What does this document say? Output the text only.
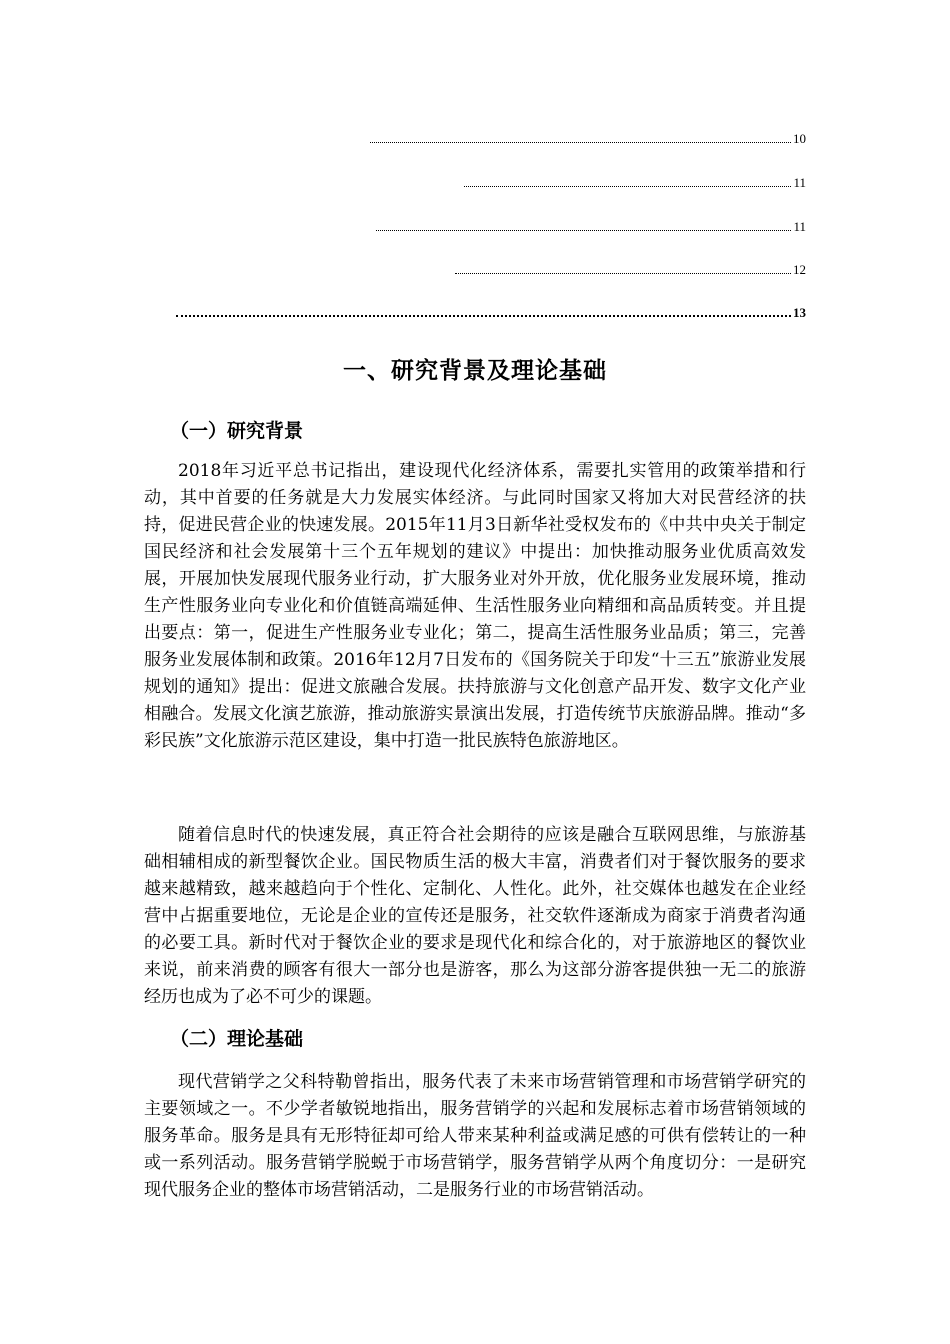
10
11
11
12
13
一、研究背景及理论基础
（一）研究背景

2018年习近平总书记指出，建设现代化经济体系，需要扎实管用的政策举措和行动，其中首要的任务就是大力发展实体经济。与此同时国家又将加大对民营经济的扶持，促进民营企业的快速发展。2015年11月3日新华社受权发布的《中共中央关于制定国民经济和社会发展第十三个五年规划的建议》中提出：加快推动服务业优质高效发展，开展加快发展现代服务业行动，扩大服务业对外开放，优化服务业发展环境，推动生产性服务业向专业化和价值链高端延伸、生活性服务业向精细和高品质转变。并且提出要点：第一，促进生产性服务业专业化；第二，提高生活性服务业品质；第三，完善服务业发展体制和政策。2016年12月7日发布的《国务院关于印发“十三五”旅游业发展规划的通知》提出：促进文旅融合发展。扶持旅游与文化创意产品开发、数字文化产业相融合。发展文化演艺旅游，推动旅游实景演出发展，打造传统节庆旅游品牌。推动“多彩民族”文化旅游示范区建设，集中打造一批民族特色旅游地区。

随着信息时代的快速发展，真正符合社会期待的应该是融合互联网思维，与旅游基础相辅相成的新型餐饮企业。国民物质生活的极大丰富，消费者们对于餐饮服务的要求越来越精致，越来越趋向于个性化、定制化、人性化。此外，社交媒体也越发在企业经营中占据重要地位，无论是企业的宣传还是服务，社交软件逐渐成为商家于消费者沟通的必要工具。新时代对于餐饮企业的要求是现代化和综合化的，对于旅游地区的餐饮业来说，前来消费的顾客有很大一部分也是游客，那么为这部分游客提供独一无二的旅游经历也成为了必不可少的课题。

（二）理论基础

现代营销学之父科特勒曾指出，服务代表了未来市场营销管理和市场营销学研究的主要领域之一。不少学者敏锐地指出，服务营销学的兴起和发展标志着市场营销领域的服务革命。服务是具有无形特征却可给人带来某种利益或满足感的可供有偿转让的一种或一系列活动。服务营销学脱蜕于市场营销学，服务营销学从两个角度切分：一是研究现代服务企业的整体市场营销活动，二是服务行业的市场营销活动。
